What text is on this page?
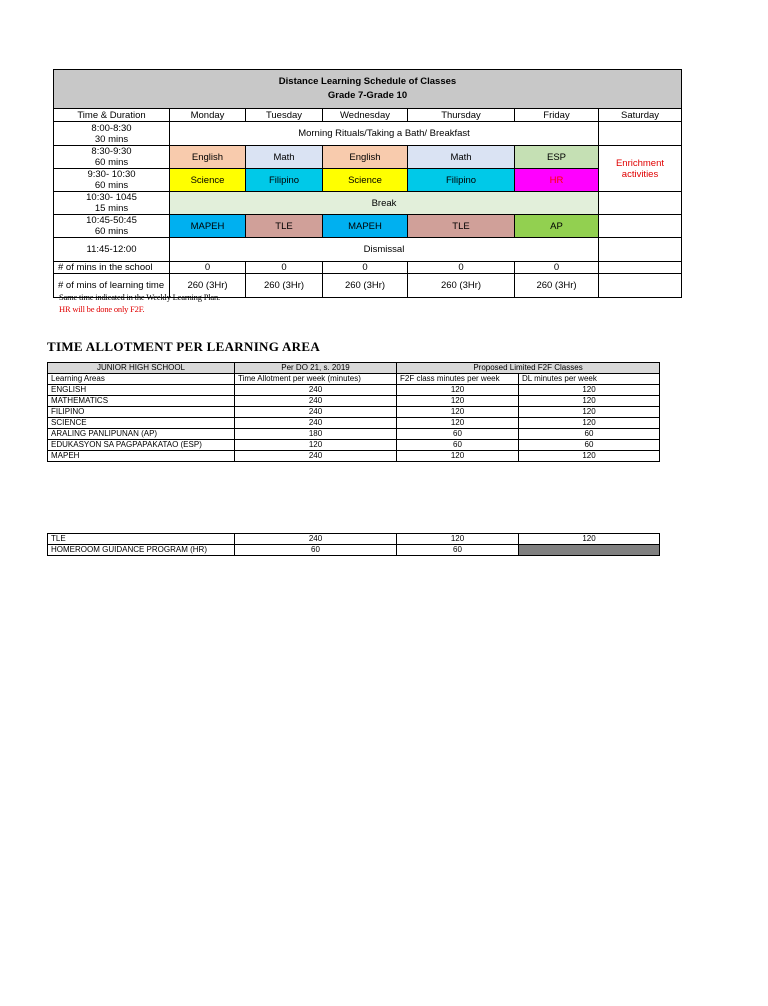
Distance Learning Schedule of Classes
Grade 7-Grade 10						

Time & Duration	Monday	Tuesday	Wednesday	Thursday	Friday	Saturday

8:00-8:30
30 mins	Morning Rituals/Taking a Bath/ Breakfast					

8:30-9:30
60 mins	English	Math	English	Math	ESP	Enrichment activities

9:30- 10:30
60 mins	Science	Filipino	Science	Filipino	HR	

10:30- 1045
15 mins	Break					

10:45-50:45
60 mins	MAPEH	TLE	MAPEH	TLE	AP	
11:45-12:00	Dismissal					
# of mins in the school	0	0	0	0	0	
# of mins of learning time	260 (3Hr)	260 (3Hr)	260 (3Hr)	260 (3Hr)	260 (3Hr)	
Same time indicated in the Weekly Learning Plan.
HR will be done only F2F.
TIME ALLOTMENT PER LEARNING AREA
JUNIOR HIGH SCHOOL	Per DO 21, s. 2019	Proposed Limited F2F Classes	
Learning Areas	Time Allotment per week (minutes)	F2F class minutes per week	DL minutes per week
ENGLISH	240	120	120
MATHEMATICS	240	120	120
FILIPINO	240	120	120
SCIENCE	240	120	120
ARALING PANLIPUNAN (AP)	180	60	60
EDUKASYON SA PAGPAPAKATAO (ESP)	120	60	60
MAPEH	240	120	120
TLE	240	120	120
HOMEROOM GUIDANCE PROGRAM (HR)	60	60	
